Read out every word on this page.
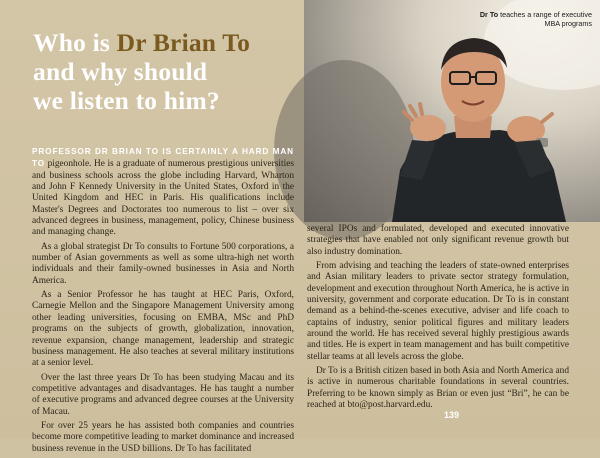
Who is Dr Brian To
and why should
we listen to him?
Dr To teaches a range of executive MBA programs

PROFESSOR DR BRIAN TO IS CERTAINLY A HARD MAN TO pigeonhole. He is a graduate of numerous prestigious universities and business schools across the globe including Harvard, Wharton and John F Kennedy University in the United States, Oxford in the United Kingdom and HEC in Paris. His qualifications include Master's Degrees and Doctorates too numerous to list – over six advanced degrees in business, management, policy, Chinese business and managing change.

As a global strategist Dr To consults to Fortune 500 corporations, a number of Asian governments as well as some ultra-high net worth individuals and their family-owned businesses in Asia and North America.

As a Senior Professor he has taught at HEC Paris, Oxford, Carnegie Mellon and the Singapore Management University among other leading universities, focusing on EMBA, MSc and PhD programs on the subjects of growth, globalization, innovation, revenue expansion, change management, leadership and strategic business management. He also teaches at several military institutions at a senior level.

Over the last three years Dr To has been studying Macau and its competitive advantages and disadvantages. He has taught a number of executive programs and advanced degree courses at the University of Macau.

For over 25 years he has assisted both companies and countries become more competitive leading to market dominance and increased business revenue in the USD billions. Dr To has facilitated

several IPOs and formulated, developed and executed innovative strategies that have enabled not only significant revenue growth but also industry domination.

From advising and teaching the leaders of state-owned enterprises and Asian military leaders to private sector strategy formulation, development and execution throughout North America, he is active in university, government and corporate education. Dr To is in constant demand as a behind-the-scenes executive, adviser and life coach to captains of industry, senior political figures and military leaders around the world. He has received several highly prestigious awards and titles. He is expert in team management and has built competitive stellar teams at all levels across the globe.

Dr To is a British citizen based in both Asia and North America and is active in numerous charitable foundations in several countries. Preferring to be known simply as Brian or even just “Bri”, he can be reached at bto@post.harvard.edu.

139
